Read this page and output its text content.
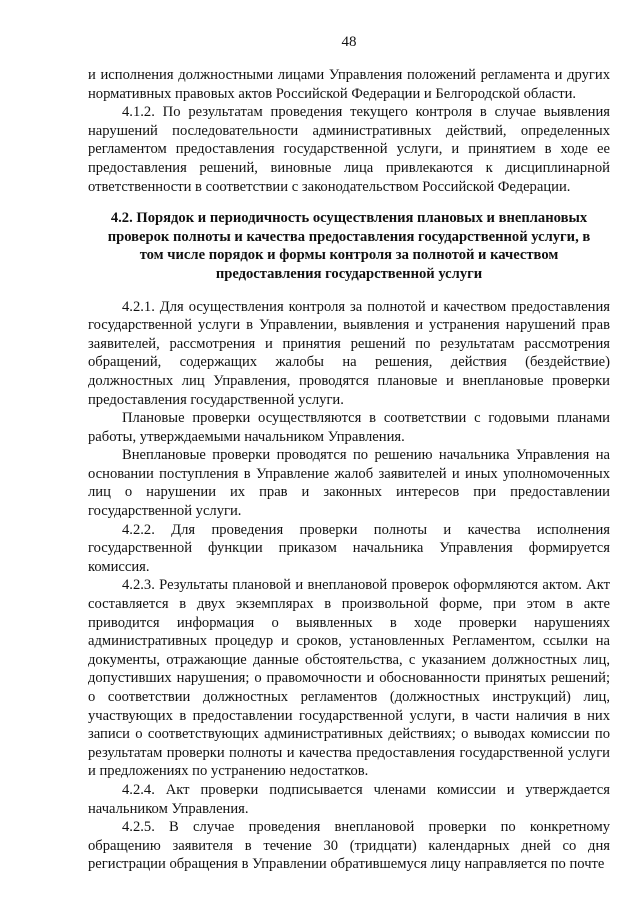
48

и исполнения должностными лицами Управления положений регламента и других нормативных правовых актов Российской Федерации и Белгородской области.

4.1.2. По результатам проведения текущего контроля в случае выявления нарушений последовательности административных действий, определенных регламентом предоставления государственной услуги, и принятием в ходе ее предоставления решений, виновные лица привлекаются к дисциплинарной ответственности в соответствии с законодательством Российской Федерации.

4.2. Порядок и периодичность осуществления плановых и внеплановых проверок полноты и качества предоставления государственной услуги, в том числе порядок и формы контроля за полнотой и качеством предоставления государственной услуги

4.2.1. Для осуществления контроля за полнотой и качеством предоставления государственной услуги в Управлении, выявления и устранения нарушений прав заявителей, рассмотрения и принятия решений по результатам рассмотрения обращений, содержащих жалобы на решения, действия (бездействие) должностных лиц Управления, проводятся плановые и внеплановые проверки предоставления государственной услуги.

Плановые проверки осуществляются в соответствии с годовыми планами работы, утверждаемыми начальником Управления.

Внеплановые проверки проводятся по решению начальника Управления на основании поступления в Управление жалоб заявителей и иных уполномоченных лиц о нарушении их прав и законных интересов при предоставлении государственной услуги.

4.2.2. Для проведения проверки полноты и качества исполнения государственной функции приказом начальника Управления формируется комиссия.

4.2.3. Результаты плановой и внеплановой проверок оформляются актом. Акт составляется в двух экземплярах в произвольной форме, при этом в акте приводится информация о выявленных в ходе проверки нарушениях административных процедур и сроков, установленных Регламентом, ссылки на документы, отражающие данные обстоятельства, с указанием должностных лиц, допустивших нарушения; о правомочности и обоснованности принятых решений; о соответствии должностных регламентов (должностных инструкций) лиц, участвующих в предоставлении государственной услуги, в части наличия в них записи о соответствующих административных действиях; о выводах комиссии по результатам проверки полноты и качества предоставления государственной услуги и предложениях по устранению недостатков.

4.2.4. Акт проверки подписывается членами комиссии и утверждается начальником Управления.

4.2.5. В случае проведения внеплановой проверки по конкретному обращению заявителя в течение 30 (тридцати) календарных дней со дня регистрации обращения в Управлении обратившемуся лицу направляется по почте
